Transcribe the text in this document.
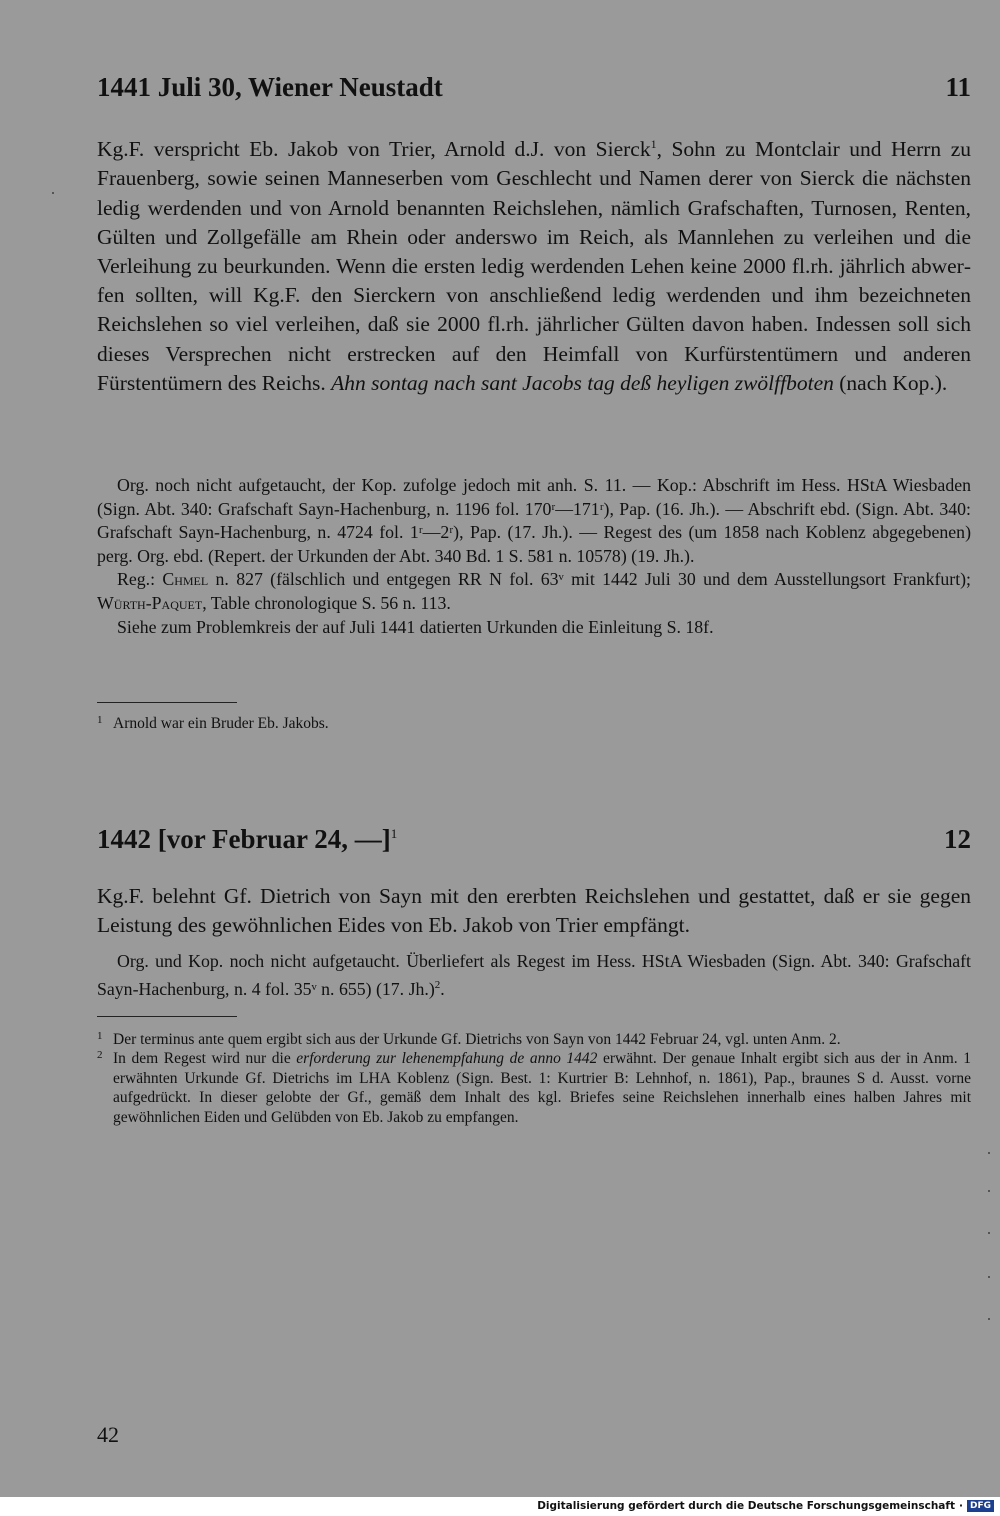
1441 Juli 30, Wiener Neustadt	11
Kg.F. verspricht Eb. Jakob von Trier, Arnold d.J. von Sierck$^1$, Sohn zu Montclair und Herrn zu Frauenberg, sowie seinen Manneserben vom Geschlecht und Namen derer von Sierck die nächsten ledig werdenden und von Arnold benannten Reichslehen, nämlich Grafschaften, Turnosen, Renten, Gülten und Zollgefälle am Rhein oder anderswo im Reich, als Mannlehen zu verleihen und die Verleihung zu beurkunden. Wenn die ersten ledig werdenden Lehen keine 2000 fl.rh. jährlich abwerfen sollten, will Kg.F. den Sierckern von anschließend ledig werdenden und ihm bezeichneten Reichslehen so viel verleihen, daß sie 2000 fl.rh. jährlicher Gülten davon haben. Indessen soll sich dieses Versprechen nicht erstrecken auf den Heimfall von Kurfürstentümern und anderen Fürstentümern des Reichs. Ahn sontag nach sant Jacobs tag deß heyligen zwölffboten (nach Kop.).

Org. noch nicht aufgetaucht, der Kop. zufolge jedoch mit anh. S. 11. — Kop.: Abschrift im Hess. HStA Wiesbaden (Sign. Abt. 340: Grafschaft Sayn-Hachenburg, n. 1196 fol. 170ʳ—171ʳ), Pap. (16. Jh.). — Abschrift ebd. (Sign. Abt. 340: Grafschaft Sayn-Hachenburg, n. 4724 fol. 1ʳ—2ʳ), Pap. (17. Jh.). — Regest des (um 1858 nach Koblenz abgegebenen) perg. Org. ebd. (Repert. der Urkunden der Abt. 340 Bd. 1 S. 581 n. 10578) (19. Jh.).

Reg.: Chmel n. 827 (fälschlich und entgegen RR N fol. 63ᵛ mit 1442 Juli 30 und dem Ausstellungsort Frankfurt); Würth-Paquet, Table chronologique S. 56 n. 113.

Siehe zum Problemkreis der auf Juli 1441 datierten Urkunden die Einleitung S. 18f.

1 Arnold war ein Bruder Eb. Jakobs.
1442 [vor Februar 24, —]$^1$	12
Kg.F. belehnt Gf. Dietrich von Sayn mit den ererbten Reichslehen und gestattet, daß er sie gegen Leistung des gewöhnlichen Eides von Eb. Jakob von Trier empfängt.

Org. und Kop. noch nicht aufgetaucht. Überliefert als Regest im Hess. HStA Wiesbaden (Sign. Abt. 340: Grafschaft Sayn-Hachenburg, n. 4 fol. 35ᵛ n. 655) (17. Jh.)$^2$.

1 Der terminus ante quem ergibt sich aus der Urkunde Gf. Dietrichs von Sayn von 1442 Februar 24, vgl. unten Anm. 2.
2 In dem Regest wird nur die erforderung zur lehenempfahung de anno 1442 erwähnt. Der genaue Inhalt ergibt sich aus der in Anm. 1 erwähnten Urkunde Gf. Dietrichs im LHA Koblenz (Sign. Best. 1: Kurtrier B: Lehnhof, n. 1861), Pap., braunes S d. Ausst. vorne aufgedrückt. In dieser gelobte der Gf., gemäß dem Inhalt des kgl. Briefes seine Reichslehen innerhalb eines halben Jahres mit gewöhnlichen Eiden und Gelübden von Eb. Jakob zu empfangen.
42
Digitalisierung gefördert durch die Deutsche Forschungsgemeinschaft · DFG
